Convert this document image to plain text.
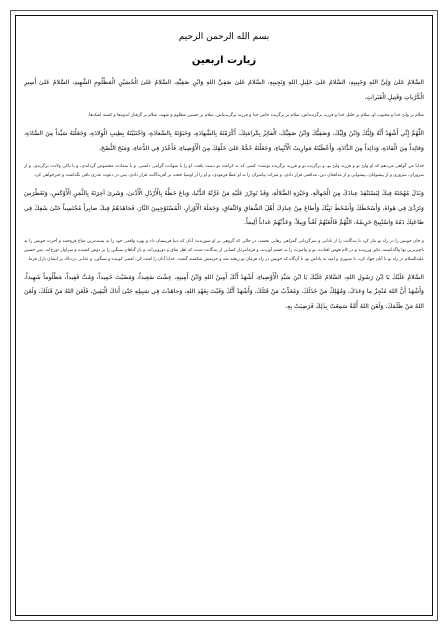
بسم الله الرحمن الرحيم
زيارت اربعين

السَّلامُ عَلىٰ وَلِيِّ اللهِ وَحَبِيبِهِ، السَّلامُ عَلىٰ خَلِيلِ اللهِ وَنَجِيبِهِ، السَّلامُ عَلىٰ صَفِيِّ اللهِ وَابْنِ صَفِيِّهِ، السَّلامُ عَلىٰ الْحُسَيْنِ الْمَظْلُومِ الشَّهِيدِ، السَّلامُ عَلىٰ أَسِيرِ الْكُرُباتِ وَقَتِيلِ الْعَبَراتِ.

سلام بر ولیّ خدا و محبوب او، سلام بر خلیل خدا و فرزند برگزیده‌اش، سلام بر برگزیده خاص خدا و فرزند برگزیده‌اش، سلام بر حسین مظلوم و شهید، سلام بر گرفتار اندوه‌ها و کشته اشک‌ها.

اللّٰهُمَّ إِنِّي أَشْهَدُ أَنَّهُ وَلِيُّكَ وَابْنُ وَلِيِّكَ، وَصَفِيُّكَ وَابْنُ صَفِيِّكَ، الْفائِزُ بِكَرامَتِكَ، أَكْرَمْتَهُ بِالشَّهادَةِ، وَحَبَوْتَهُ بِالسَّعادَةِ، وَاجْتَبَيْتَهُ بِطِيبِ الْوِلادَةِ، وَجَعَلْتَهُ سَيِّداً مِنَ السَّادَةِ، وَقائِداً مِنَ الْقادَةِ، وَذائِداً مِنَ الذَّادَةِ، وَأَعْطَيْتَهُ مَوارِيثَ الْأَنْبِياءِ، وَجَعَلْتَهُ حُجَّةً عَلىٰ خَلْقِكَ مِنَ الْأَوْصِياءِ، فَأَعْذَرَ فِي الدُّعاءِ، وَمَنَحَ النُّصْحَ،

خدایا من گواهی می‌دهم که او ولیّ تو و فرزند ولیّ تو، و برگزیده تو و فرزند برگزیده توست؛ کسی که به کرامت تو دست یافت، او را با شهادت گرامی داشتی، و با سعادت مخصوص گرداندی، و با پاکی ولادت برگزیدی، و از سروران، سروری و از پیشوایان، پیشوایی و از مدافعان دین، مدافعی قرار دادی، و میراث پیامبران را به او عطا فرمودی، و او را از اوصیا حجت بر آفریدگانت قرار دادی، پس در دعوت عذری باقی نگذاشت و خیرخواهی کرد.

وَبَذَلَ مُهْجَتَهُ فِيكَ لِيَسْتَنْقِذَ عِبادَكَ مِنَ الْجَهالَةِ، وَحَيْرَةِ الضَّلالَةِ، وَقَدْ تَوازَرَ عَلَيْهِ مَنْ غَرَّتْهُ الدُّنْيا، وَباعَ حَظَّهُ بِالْأَرْذَلِ الْأَدْنىٰ، وَشَرىٰ آخِرَتَهُ بِالثَّمَنِ الْأَوْكَسِ، وَتَغَطْرَسَ وَتَرَدَّىٰ فِي هَواهُ، وَأَسْخَطَكَ وَأَسْخَطَ نَبِيَّكَ وَأَطاعَ مِنْ عِبادِكَ أَهْلَ الشِّقاقِ وَالنِّفاقِ، وَحَمَلَةَ الْأَوْزارِ، الْمُسْتَوْجِبِينَ النَّارَ، فَجاهَدَهُمْ فِيكَ صابِراً مُحْتَسِباً حَتّىٰ سُفِكَ فِي طاعَتِكَ دَمُهُ وَاسْتُبِيحَ حَرِيمُهُ، اللّٰهُمَّ فَالْعَنْهُمْ لَعْناً وَبِيلاً، وَعَذِّبْهُمْ عَذاباً أَلِيماً.

و جان خویش را در راه تو نثار کرد تا بندگانت را از نادانی و سرگردانی گمراهی رهایی بخشد، در حالی که گروهی بر او شوریدند؛ آنان که دنیا فریبشان داد و بهره واقعی خود را به پست‌ترین متاع فروختند و آخرت خویش را به ناچیزترین بها واگذاشتند، تکبر ورزیدند و در کام هوس افتادند، تو و پیامبرت را به خشم آوردند، و فرمانبردار کسانی از بندگانت شدند که اهل نفاق و دورویی‌اند، و بار گناهان سنگین را بر دوش کشیده و سزاوار دوزخ‌اند، پس حسین علیه‌السلام در راه تو با آنان جهاد کرد، با صبوری و امید به پاداش تو، تا آن‌گاه که خونش در راه فرمان تو ریخته شد و حریمش شکسته گشت. خدایا آنان را لعنت کن، لعنتی کوبنده و سنگین، و عذابی دردناک بر ایشان نازل فرما.

السَّلامُ عَلَيْكَ يَا ابْنَ رَسُولِ اللهِ، السَّلامُ عَلَيْكَ يَا ابْنَ سَيِّدِ الْأَوْصِياءِ، أَشْهَدُ أَنَّكَ أَمِينُ اللهِ وَابْنُ أَمِينِهِ، عِشْتَ سَعِيداً، وَمَضَيْتَ حَمِيداً، وَمُتَّ فَقِيداً، مَظْلُوماً شَهِيداً، وَأَشْهَدُ أَنَّ اللهَ مُنْجِزٌ ما وَعَدَكَ، وَمُهْلِكٌ مَنْ خَذَلَكَ، وَمُعَذِّبٌ مَنْ قَتَلَكَ، وَأَشْهَدُ أَنَّكَ وَفَيْتَ بِعَهْدِ اللهِ، وَجاهَدْتَ فِي سَبِيلِهِ حَتّىٰ أَتاكَ الْيَقِينُ، فَلَعَنَ اللهُ مَنْ قَتَلَكَ، وَلَعَنَ اللهُ مَنْ ظَلَمَكَ، وَلَعَنَ اللهُ أُمَّةً سَمِعَتْ بِذٰلِكَ فَرَضِيَتْ بِهِ.
